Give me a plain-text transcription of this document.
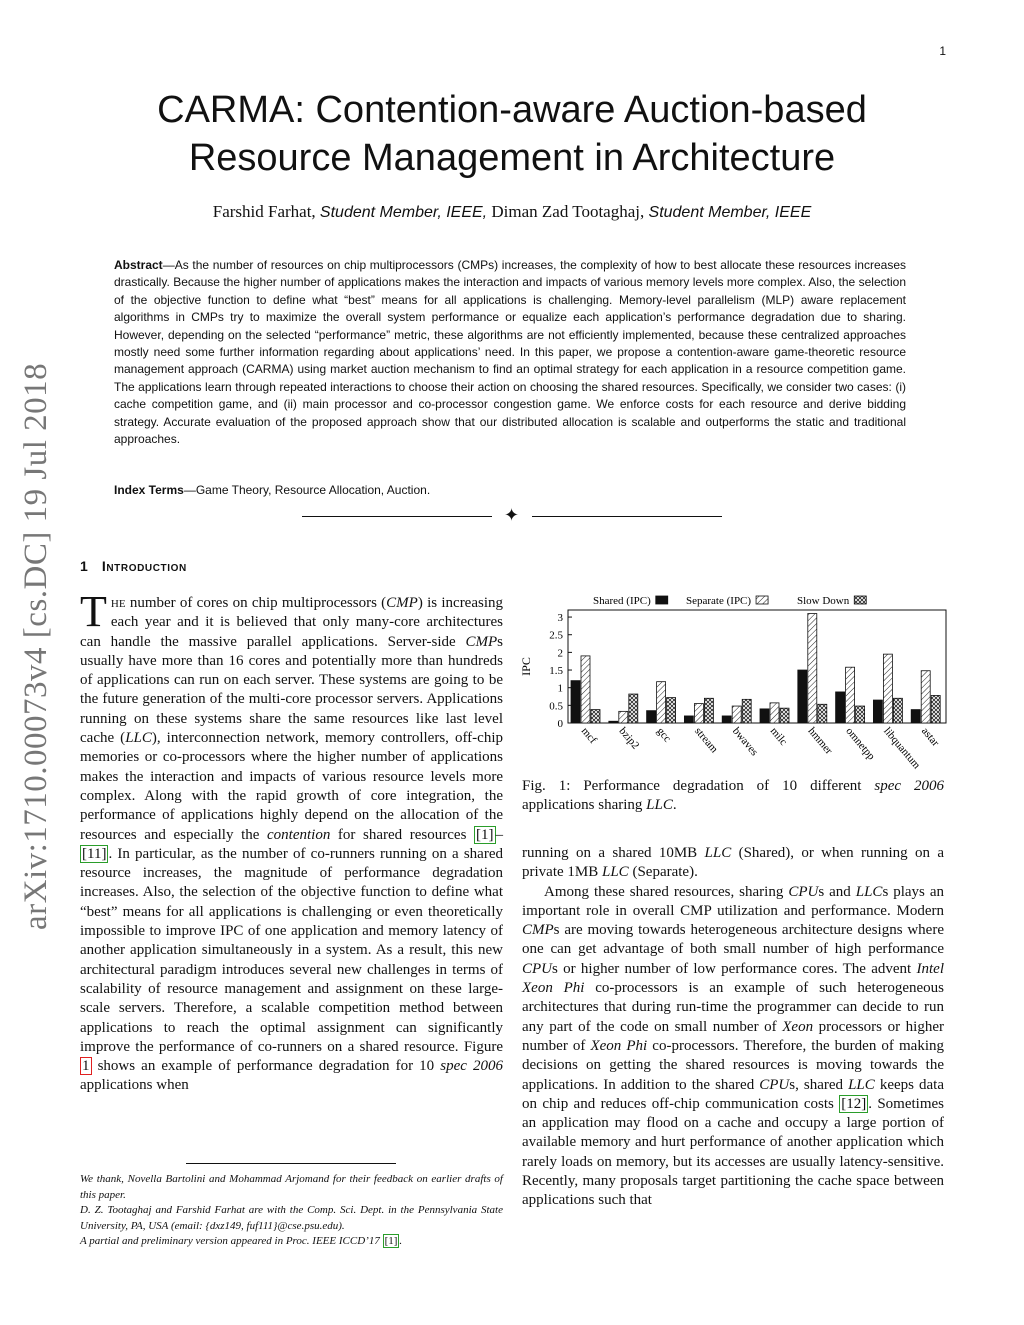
1
arXiv:1710.00073v4 [cs.DC] 19 Jul 2018
CARMA: Contention-aware Auction-based
Resource Management in Architecture
Farshid Farhat, Student Member, IEEE, Diman Zad Tootaghaj, Student Member, IEEE
Abstract—As the number of resources on chip multiprocessors (CMPs) increases, the complexity of how to best allocate these resources increases drastically. Because the higher number of applications makes the interaction and impacts of various memory levels more complex. Also, the selection of the objective function to define what “best” means for all applications is challenging. Memory-level parallelism (MLP) aware replacement algorithms in CMPs try to maximize the overall system performance or equalize each application’s performance degradation due to sharing. However, depending on the selected “performance” metric, these algorithms are not efficiently implemented, because these centralized approaches mostly need some further information regarding about applications’ need. In this paper, we propose a contention-aware game-theoretic resource management approach (CARMA) using market auction mechanism to find an optimal strategy for each application in a resource competition game. The applications learn through repeated interactions to choose their action on choosing the shared resources. Specifically, we consider two cases: (i) cache competition game, and (ii) main processor and co-processor congestion game. We enforce costs for each resource and derive bidding strategy. Accurate evaluation of the proposed approach show that our distributed allocation is scalable and outperforms the static and traditional approaches.
Index Terms—Game Theory, Resource Allocation, Auction.
✦
1 Introduction
The number of cores on chip multiprocessors (CMP) is increasing each year and it is believed that only many-core architectures can handle the massive parallel applications. Server-side CMPs usually have more than 16 cores and potentially more than hundreds of applications can run on each server. These systems are going to be the future generation of the multi-core processor servers. Applications running on these systems share the same resources like last level cache (LLC), interconnection network, memory controllers, off-chip memories or co-processors where the higher number of applications makes the interaction and impacts of various resource levels more complex. Along with the rapid growth of core integration, the performance of applications highly depend on the allocation of the resources and especially the contention for shared resources [1] –[11] . In particular, as the number of co-runners running on a shared resource increases, the magnitude of performance degradation increases. Also, the selection of the objective function to define what “best” means for all applications is challenging or even theoretically impossible to improve IPC of one application and memory latency of another application simultaneously in a system. As a result, this new architectural paradigm introduces several new challenges in terms of scalability of resource management and assignment on these large-scale servers. Therefore, a scalable competition method between applications to reach the optimal assignment can significantly improve the performance of co-runners on a shared resource. Figure 1 shows an example of performance degradation for 10 spec 2006 applications when

We thank, Novella Bartolini and Mohammad Arjomand for their feedback on earlier drafts of this paper.

D. Z. Tootaghaj and Farshid Farhat are with the Comp. Sci. Dept. in the Pennsylvania State University, PA, USA (email: {dxz149, fuf111}@cse.psu.edu).

A partial and preliminary version appeared in Proc. IEEE ICCD’17 [1] .

Shared (IPC)	Separate (IPC)	Slow Down
0
0.5
1
1.5
2
2.5
3
IPC
mcf bzip2 gcc stream bwaves milc hmmer omnetpp libquantum
astar
Fig. 1: Performance degradation of 10 different spec 2006 applications sharing LLC.

running on a shared 10MB LLC (Shared), or when running on a private 1MB LLC (Separate).

Among these shared resources, sharing CPUs and LLCs plays an important role in overall CMP utilization and performance. Modern CMPs are moving towards heterogeneous architecture designs where one can get advantage of both small number of high performance CPUs or higher number of low performance cores. The advent Intel Xeon Phi co-processors is an example of such heterogeneous architectures that during run-time the programmer can decide to run any part of the code on small number of Xeon processors or higher number of Xeon Phi co-processors. Therefore, the burden of making decisions on getting the shared resources is moving towards the applications. In addition to the shared CPUs, shared LLC keeps data on chip and reduces off-chip communication costs [12] . Sometimes an application may flood on a cache and occupy a large portion of available memory and hurt performance of another application which rarely loads on memory, but its accesses are usually latency-sensitive. Recently, many proposals target partitioning the cache space between applications such that
